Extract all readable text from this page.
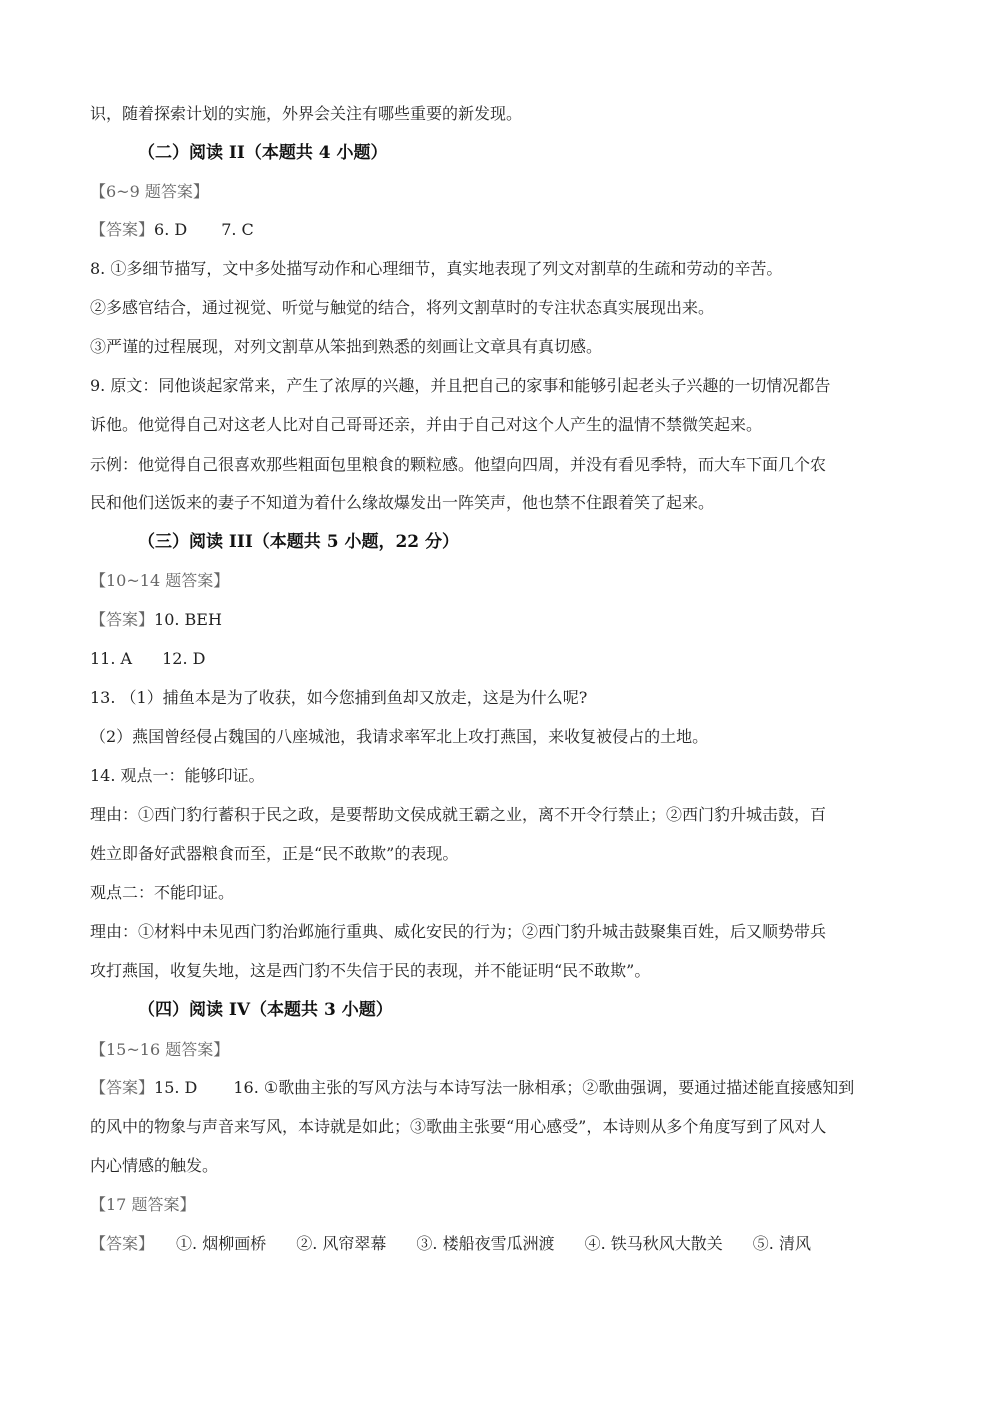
识，随着探索计划的实施，外界会关注有哪些重要的新发现。
（二）阅读 II（本题共 4 小题）
【6~9 题答案】
【答案】6. D 7. C
8. ①多细节描写，文中多处描写动作和心理细节，真实地表现了列文对割草的生疏和劳动的辛苦。
②多感官结合，通过视觉、听觉与触觉的结合，将列文割草时的专注状态真实展现出来。
③严谨的过程展现，对列文割草从笨拙到熟悉的刻画让文章具有真切感。
9. 原文：同他谈起家常来，产生了浓厚的兴趣，并且把自己的家事和能够引起老头子兴趣的一切情况都告
诉他。他觉得自己对这老人比对自己哥哥还亲，并由于自己对这个人产生的温情不禁微笑起来。
示例：他觉得自己很喜欢那些粗面包里粮食的颗粒感。他望向四周，并没有看见季特，而大车下面几个农
民和他们送饭来的妻子不知道为着什么缘故爆发出一阵笑声，他也禁不住跟着笑了起来。
（三）阅读 III（本题共 5 小题，22 分）
【10~14 题答案】
【答案】10. BEH
11. A 12. D
13. （1）捕鱼本是为了收获，如今您捕到鱼却又放走，这是为什么呢?
（2）燕国曾经侵占魏国的八座城池，我请求率军北上攻打燕国，来收复被侵占的土地。
14. 观点一：能够印证。
理由：①西门豹行蓄积于民之政，是要帮助文侯成就王霸之业，离不开令行禁止；②西门豹升城击鼓，百
姓立即备好武器粮食而至，正是“民不敢欺”的表现。
观点二：不能印证。
理由：①材料中未见西门豹治邺施行重典、威化安民的行为；②西门豹升城击鼓聚集百姓，后又顺势带兵
攻打燕国，收复失地，这是西门豹不失信于民的表现，并不能证明“民不敢欺”。
（四）阅读 IV（本题共 3 小题）
【15~16 题答案】
【答案】15. D 16. ①歌曲主张的写风方法与本诗写法一脉相承；②歌曲强调，要通过描述能直接感知到
的风中的物象与声音来写风，本诗就是如此；③歌曲主张要“用心感受”，本诗则从多个角度写到了风对人
内心情感的触发。
【17 题答案】
【答案】 ①. 烟柳画桥 ②. 风帘翠幕 ③. 楼船夜雪瓜洲渡 ④. 铁马秋风大散关 ⑤. 清风
